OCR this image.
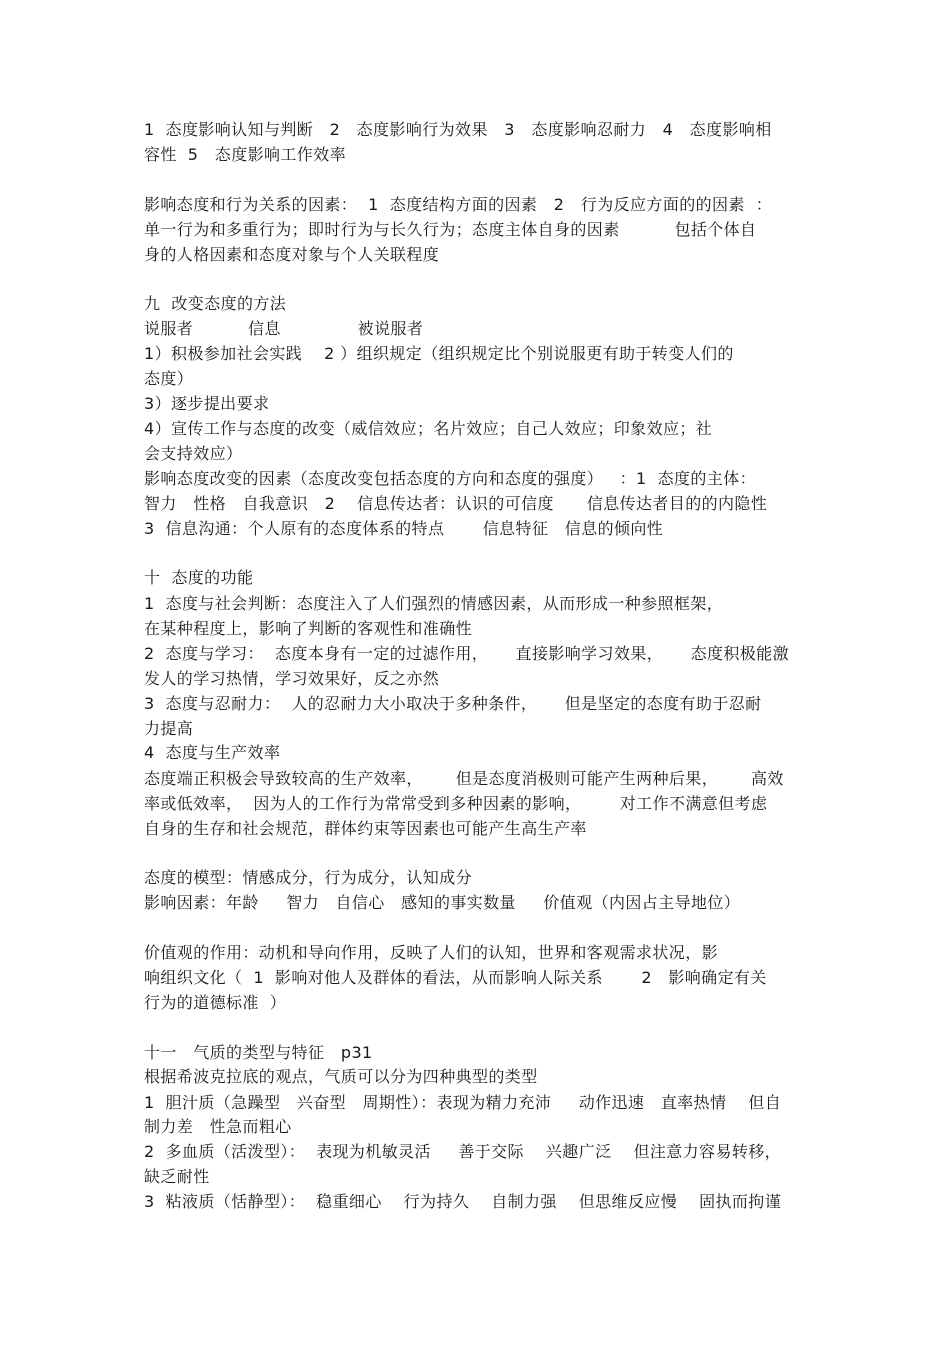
1  态度影响认知与判断   2   态度影响行为效果   3   态度影响忍耐力   4   态度影响相
容性  5   态度影响工作效率
影响态度和行为关系的因素：  1  态度结构方面的因素   2   行为反应方面的的因素  ：
单一行为和多重行为；即时行为与长久行为；态度主体自身的因素          包括个体自
身的人格因素和态度对象与个人关联程度
九  改变态度的方法
说服者          信息              被说服者
1）积极参加社会实践    2 ）组织规定（组织规定比个别说服更有助于转变人们的
态度）
3）逐步提出要求
4）宣传工作与态度的改变（威信效应；名片效应；自己人效应；印象效应；社
会支持效应）
影响态度改变的因素（态度改变包括态度的方向和态度的强度）   ：1  态度的主体：
智力   性格   自我意识   2    信息传达者：认识的可信度      信息传达者目的的内隐性
3  信息沟通：个人原有的态度体系的特点       信息特征   信息的倾向性
十  态度的功能
1  态度与社会判断：态度注入了人们强烈的情感因素，从而形成一种参照框架，
在某种程度上，影响了判断的客观性和准确性
2  态度与学习：  态度本身有一定的过滤作用，     直接影响学习效果，     态度积极能激
发人的学习热情，学习效果好，反之亦然
3  态度与忍耐力：  人的忍耐力大小取决于多种条件，     但是坚定的态度有助于忍耐
力提高
4  态度与生产效率
态度端正积极会导致较高的生产效率，      但是态度消极则可能产生两种后果，      高效
率或低效率，  因为人的工作行为常常受到多种因素的影响，       对工作不满意但考虑
自身的生存和社会规范，群体约束等因素也可能产生高生产率
态度的模型：情感成分，行为成分，认知成分
影响因素：年龄     智力   自信心   感知的事实数量     价值观（内因占主导地位）
价值观的作用：动机和导向作用，反映了人们的认知，世界和客观需求状况，影
响组织文化（  1  影响对他人及群体的看法，从而影响人际关系       2   影响确定有关
行为的道德标准  ）
十一   气质的类型与特征   p31
根据希波克拉底的观点，气质可以分为四种典型的类型
1  胆汁质（急躁型   兴奋型   周期性）：表现为精力充沛     动作迅速   直率热情    但自
制力差   性急而粗心
2  多血质（活泼型）：  表现为机敏灵活     善于交际    兴趣广泛    但注意力容易转移，
缺乏耐性
3  粘液质（恬静型）：  稳重细心    行为持久    自制力强    但思维反应慢    固执而拘谨
